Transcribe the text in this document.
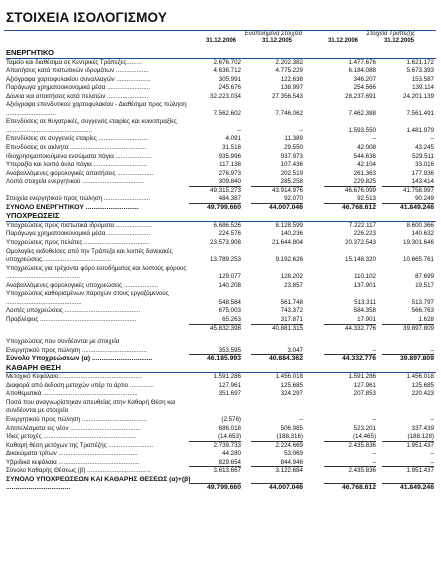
ΣΤΟΙΧΕΙΑ ΙΣΟΛΟΓΙΣΜΟΥ
Ενοποιημένα Στοιχεία
31.12.2006	31.12.2005
Στοιχεία Τραπέζης
31.12.2006	31.12.2005
ΕΝΕΡΓΗΤΙΚΟ
Ταμείο και διαθέσιμα σε Κεντρικές Τράπεζες.........	2.676.702	2.202.382	1.477.676	1.621.172
Απαιτήσεις κατά πιστωτικών ιδρυμάτων ...................	4.636.712	4.775.229	6.184.088	5.673.393
Αξιόγραφα χαρτοφυλακίου συναλλαγών ....................	305.991	122.638	346.207	153.587
Παράγωγα χρηματοοικονομικά μέσα .........................	245.676	138.997	254.566	139.114
Δάνεια και απαιτήσεις κατά πελατών ........................	32.223.034	27.356.543	28.237.691	24.201.139
Αξιόγραφα επενδυτικού χαρτοφυλακίου - Διαθέσιμα προς πώληση .............................	7.562.602	7.746.062	7.462.388	7.561.491
Επενδύσεις σε θυγατρικές, συγγενείς εταιρίες και κοινοπραξίες ..................................................	–	–	1.593.550	1.481.979
Επενδύσεις σε συγγενείς εταιρίες .............................	4.091	11.389	–	–
Επενδύσεις σε ακίνητα ............................................	31.518	29.550	42.008	43.245
Ιδιοχρησιμοποιούμενα ενσώματα πάγια .....................	935.996	937.973	544.636	529.511
Υπεραξία και λοιπά άυλα πάγια ...............................	117.138	107.436	42.104	33.016
Αναβαλλόμενες φορολογικές απαιτήσεις .....................	276.973	202.519	261.363	177.936
Λοιπά στοιχεία ενεργητικού ....................................	309.840	285.258	229.825	143.414
49.315.273	43.914.976	46.676.099	41.758.997
Στοιχεία ενεργητικού προς πώληση ...........................	484.387	92.070	92.513	90.249
ΣΥΝΟΛΟ ΕΝΕΡΓΗΤΙΚΟΥ ............................	49.799.660	44.007.046	46.768.612	41.849.246
ΥΠΟΧΡΕΩΣΕΙΣ
Υποχρεώσεις προς πιστωτικά ιδρύματα .....................	6.686.526	8.128.599	7.222.117	8.600.366
Παράγωγα χρηματοοικονομικά μέσα .........................	224.576	140.236	226.223	140.632
Υποχρεώσεις προς πελάτες ......................................	23.573.908	21.644.804	20.372.543	19.301.646
Ομολογίες εκδοθείσες από την Τράπεζα και λοιπές δανειακές υποχρεώσεις........................................	13.789.253	9.192.626	15.148.320	10.665.761
Υποχρεώσεις για τρέχοντα φόρο εισοδήματος και λοιπούς φόρους ...........................................	129.077	128.202	110.102	87.699
Αναβαλλόμενες φορολογικές υποχρεώσεις ....................	140.208	23.857	137.901	19.517
Υποχρεώσεις καθορισμένων παροχών στους εργαζόμενους ............................................	548.584	561.748	513.311	513.797
Λοιπές υποχρεώσεις ............................................	675.003	743.372	584.358	566.763
Προβλέψεις ........................................................	65.263	317.871	17.901	1.628
45.832.398	40.881.315	44.332.776	39.897.809
Υποχρεώσεις που συνδέονται με στοιχεία
Ενεργητικού προς πώληση ......................................	353.595	3.047	–	–
Σύνολο Υποχρεώσεων (α) ................................	46.185.993	40.884.362	44.332.776	39.897.809
ΚΑΘΑΡΗ ΘΕΣΗ
Μετοχικό Κεφάλαιο.................................................	1.591.286	1.456.018	1.591.286	1.456.018
Διαφορά από έκδοση μετοχών υπέρ το άρτιο ..............	127.961	125.685	127.961	125.685
Αποθεματικά .......................................................	351.697	324.297	207.853	220.423
Ποσά που αναγνωρίστηκαν απευθείας στην Καθαρή Θέση και συνδέονται με στοιχεία
Ενεργητικού προς πώληση ......................................	(2.576)	–	–	–
Αποτελέσματα εις νέον .........................................	686.018	506.985	523.201	337.439
Ίδιες μετοχές ......................................................	(14.653)	(188.316)	(14.465)	(188.128)
Καθαρή θέση μετόχων της Τραπέζης ..........................	2.739.733	2.224.669	2.435.836	1.951.437
Δικαιώματα τρίτων ..............................................	44.280	53.069	–	–
Υβριδικά κεφάλαια ...............................................	829.654	844.946	–	–
Σύνολο Καθαρής Θέσεως (β) .....................................	3.613.667	3.122.684	2.435.836	1.951.437
ΣΥΝΟΛΟ ΥΠΟΧΡΕΩΣΕΩΝ ΚΑΙ ΚΑΘΑΡΗΣ ΘΕΣΕΩΣ (α)+(β) ..................................	49.799.660	44.007.046	46.768.612	41.849.246
